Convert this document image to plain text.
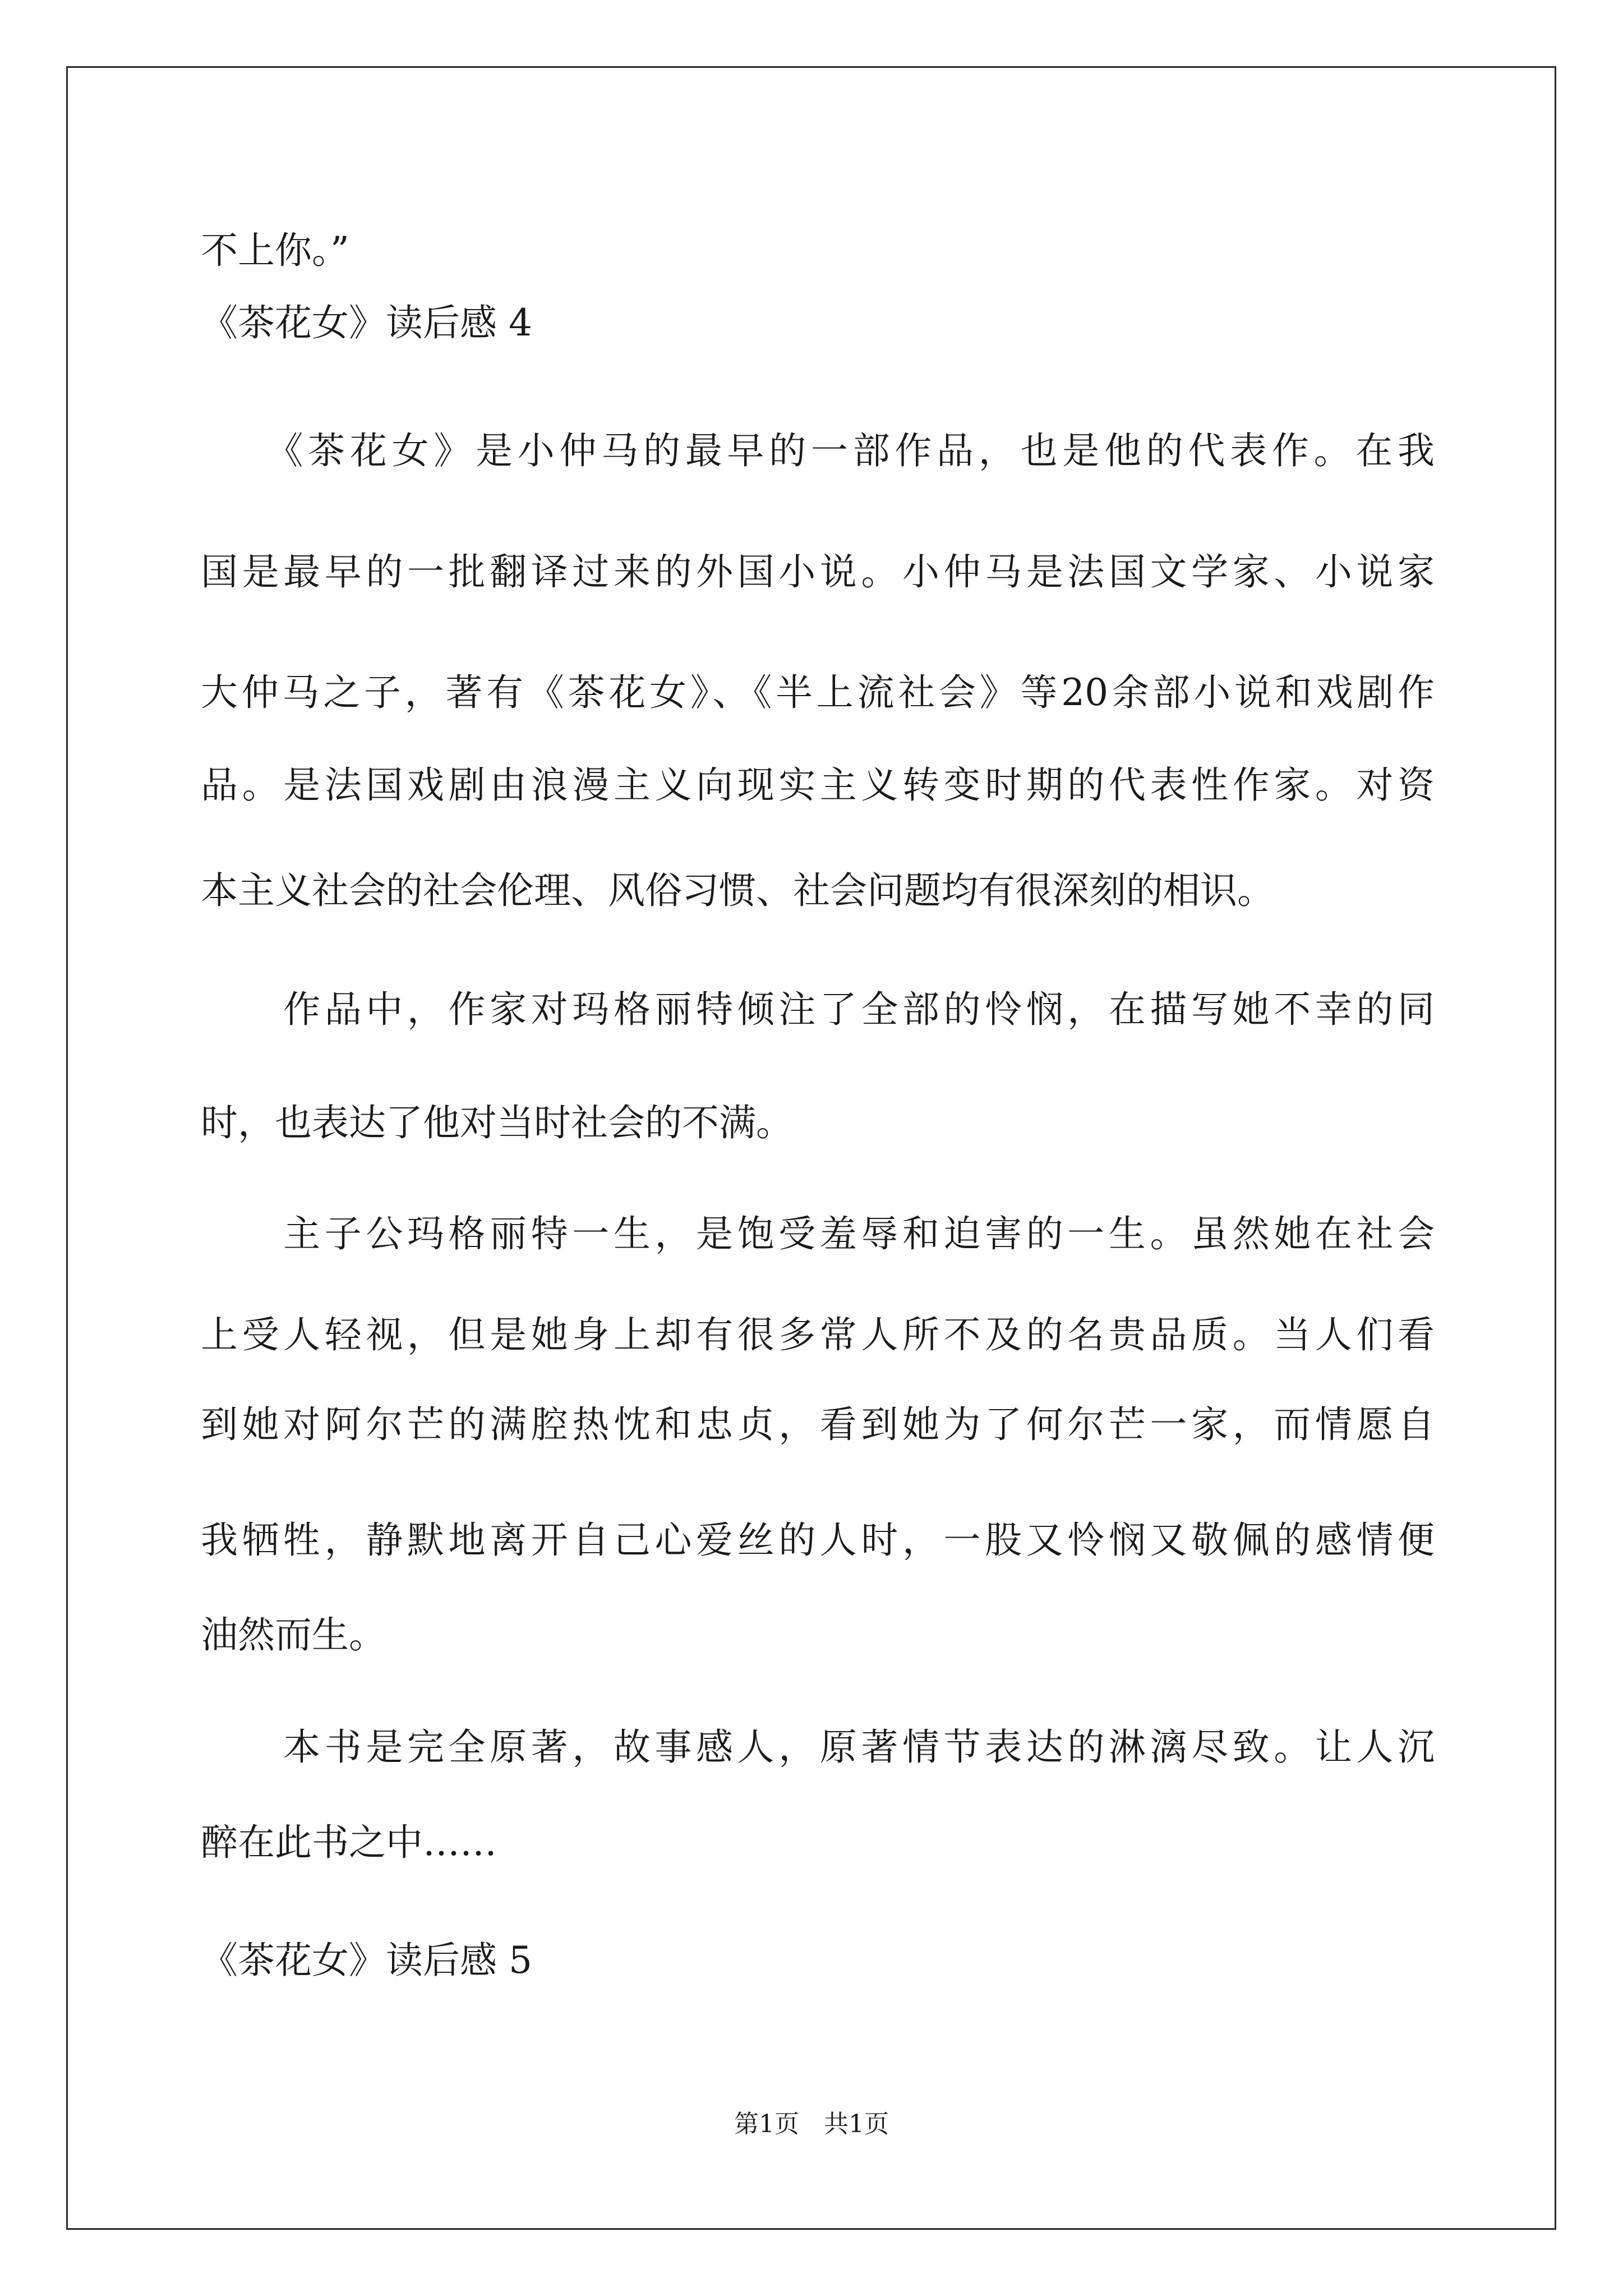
不上你。”
《茶花女》读后感 4
　　《茶花女》是小仲马的最早的一部作品，也是他的代表作。在我
国是最早的一批翻译过来的外国小说。小仲马是法国文学家、小说家
大仲马之子，著有《茶花女》、《半上流社会》等20余部小说和戏剧作
品。是法国戏剧由浪漫主义向现实主义转变时期的代表性作家。对资
本主义社会的社会伦理、风俗习惯、社会问题均有很深刻的相识。
　　作品中，作家对玛格丽特倾注了全部的怜悯，在描写她不幸的同
时，也表达了他对当时社会的不满。
　　主子公玛格丽特一生，是饱受羞辱和迫害的一生。虽然她在社会
上受人轻视，但是她身上却有很多常人所不及的名贵品质。当人们看
到她对阿尔芒的满腔热忱和忠贞，看到她为了何尔芒一家，而情愿自
我牺牲，静默地离开自己心爱丝的人时，一股又怜悯又敬佩的感情便
油然而生。
　　本书是完全原著，故事感人，原著情节表达的淋漓尽致。让人沉
醉在此书之中……
《茶花女》读后感 5
第1页　共1页
